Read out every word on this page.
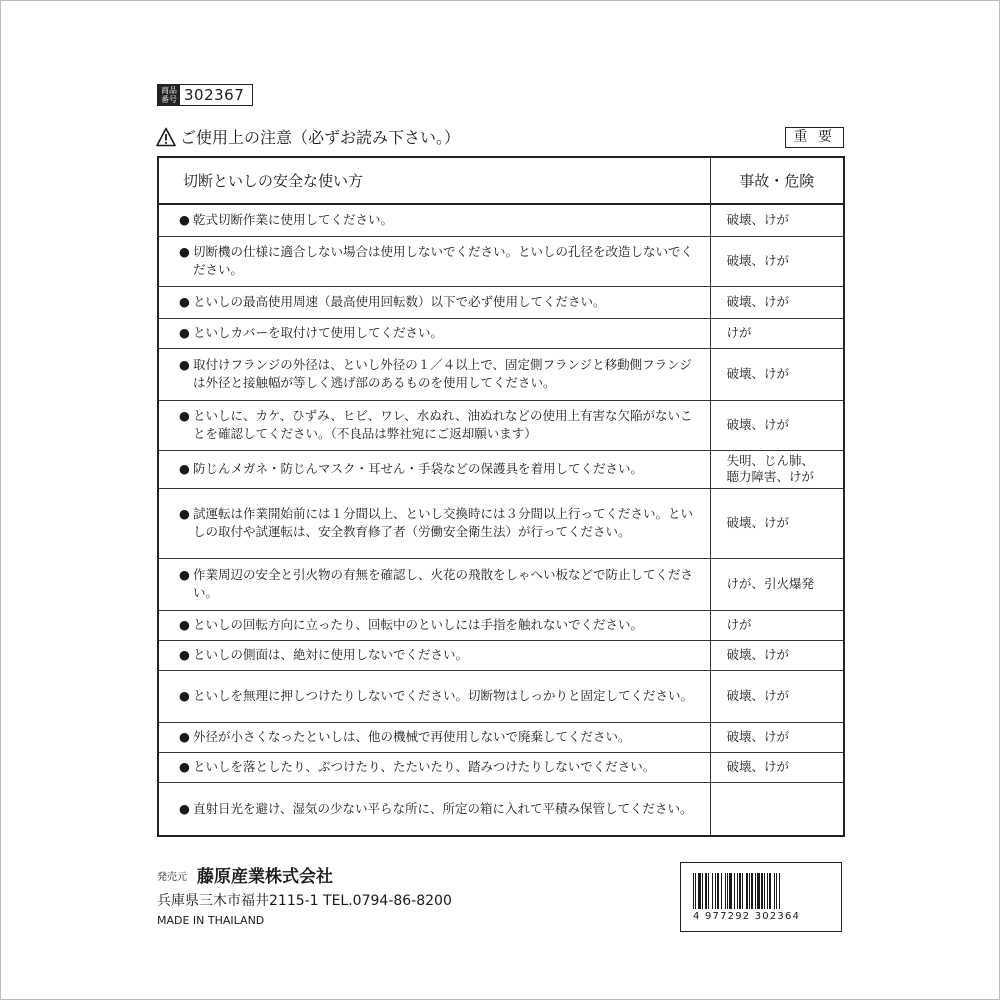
商品
番号 302367
ご使用上の注意（必ずお読み下さい。）	重 要
切断といしの安全な使い方	事故・危険

● 乾式切断作業に使用してください。	破壊、けが

● 切断機の仕様に適合しない場合は使用しないでください。といしの孔径を改造しないでください。	破壊、けが

● といしの最高使用周速（最高使用回転数）以下で必ず使用してください。	破壊、けが

● といしカバーを取付けて使用してください。	けが

● 取付けフランジの外径は、といし外径の１／４以上で、固定側フランジと移動側フランジは外径と接触幅が等しく逃げ部のあるものを使用してください。	破壊、けが

● といしに、カケ、ひずみ、ヒビ、ワレ、水ぬれ、油ぬれなどの使用上有害な欠陥がないことを確認してください。（不良品は弊社宛にご返却願います）	破壊、けが

● 防じんメガネ・防じんマスク・耳せん・手袋などの保護具を着用してください。	失明、じん肺、
聴力障害、けが

● 試運転は作業開始前には１分間以上、といし交換時には３分間以上行ってください。といしの取付や試運転は、安全教育修了者（労働安全衛生法）が行ってください。	破壊、けが

● 作業周辺の安全と引火物の有無を確認し、火花の飛散をしゃへい板などで防止してください。	けが、引火爆発

● といしの回転方向に立ったり、回転中のといしには手指を触れないでください。	けが

● といしの側面は、絶対に使用しないでください。	破壊、けが

● といしを無理に押しつけたりしないでください。切断物はしっかりと固定してください。	破壊、けが

● 外径が小さくなったといしは、他の機械で再使用しないで廃棄してください。	破壊、けが

● といしを落としたり、ぶつけたり、たたいたり、踏みつけたりしないでください。	破壊、けが

● 直射日光を避け、湿気の少ない平らな所に、所定の箱に入れて平積み保管してください。	

発売元 藤原産業株式会社
兵庫県三木市福井2115-1 TEL.0794-86-8200
MADE IN THAILAND	4 977292 302364
